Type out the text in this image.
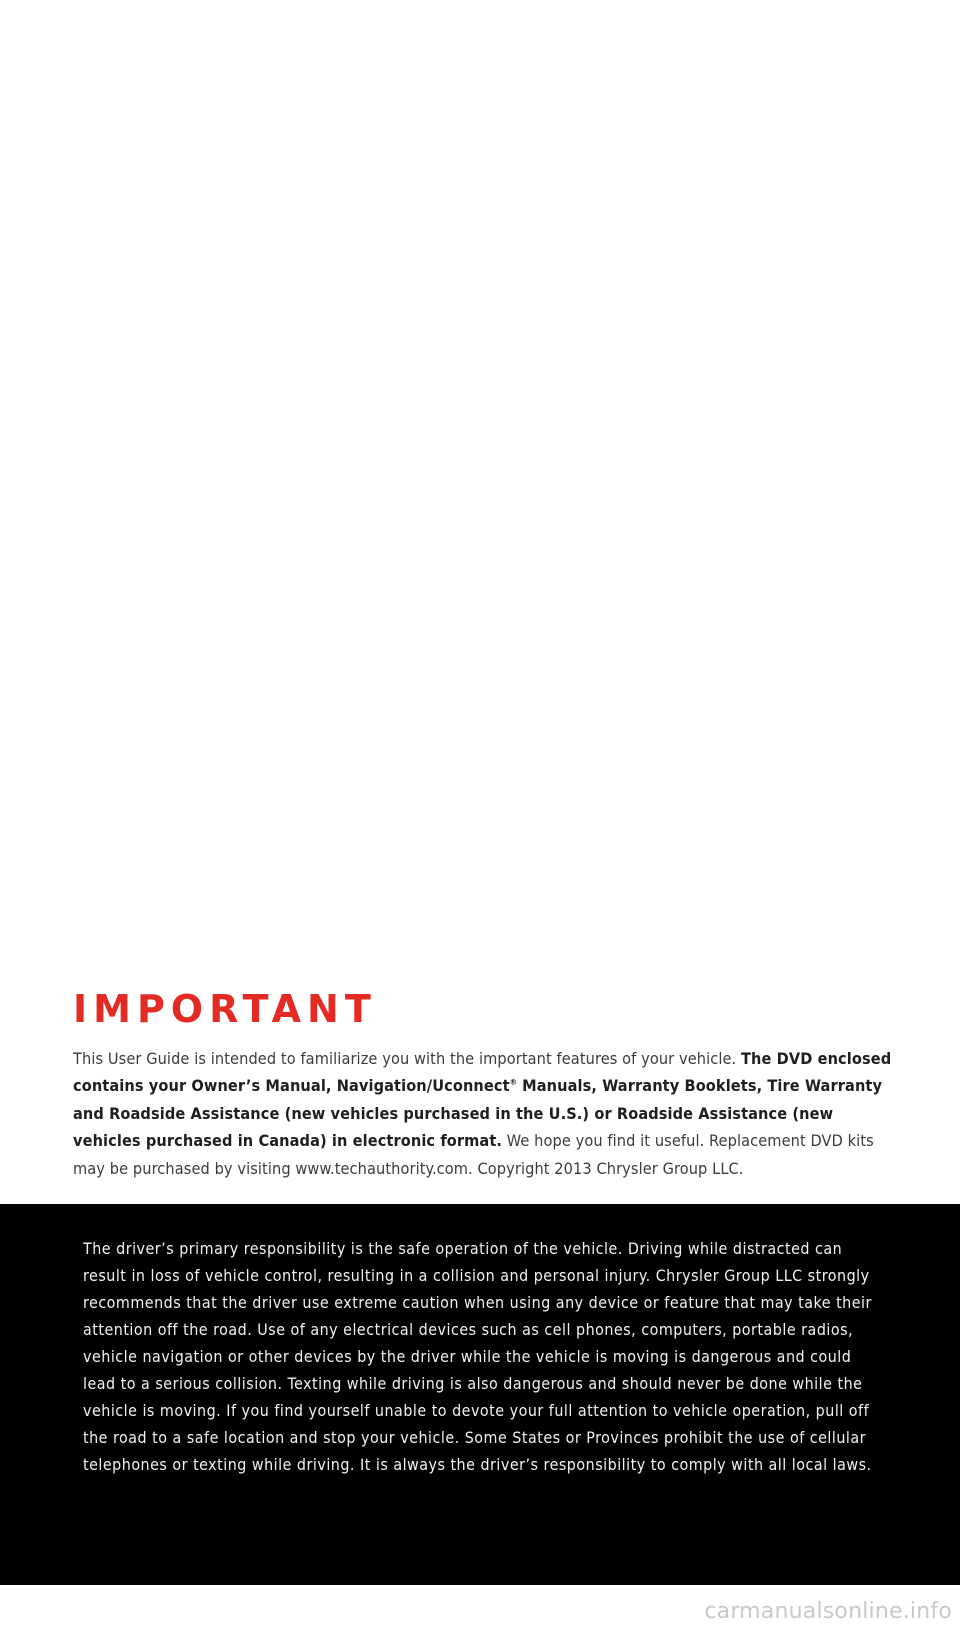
IMPORTANT

This User Guide is intended to familiarize you with the important features of your vehicle. The DVD enclosed contains your Owner’s Manual, Navigation/Uconnect® Manuals, Warranty Booklets, Tire Warranty and Roadside Assistance (new vehicles purchased in the U.S.) or Roadside Assistance (new vehicles purchased in Canada) in electronic format. We hope you find it useful. Replacement DVD kits may be purchased by visiting www.techauthority.com. Copyright 2013 Chrysler Group LLC.

The driver’s primary responsibility is the safe operation of the vehicle. Driving while distracted can result in loss of vehicle control, resulting in a collision and personal injury. Chrysler Group LLC strongly recommends that the driver use extreme caution when using any device or feature that may take their attention off the road. Use of any electrical devices such as cell phones, computers, portable radios, vehicle navigation or other devices by the driver while the vehicle is moving is dangerous and could lead to a serious collision. Texting while driving is also dangerous and should never be done while the vehicle is moving. If you find yourself unable to devote your full attention to vehicle operation, pull off the road to a safe location and stop your vehicle. Some States or Provinces prohibit the use of cellular telephones or texting while driving. It is always the driver’s responsibility to comply with all local laws.

carmanualsonline.info
